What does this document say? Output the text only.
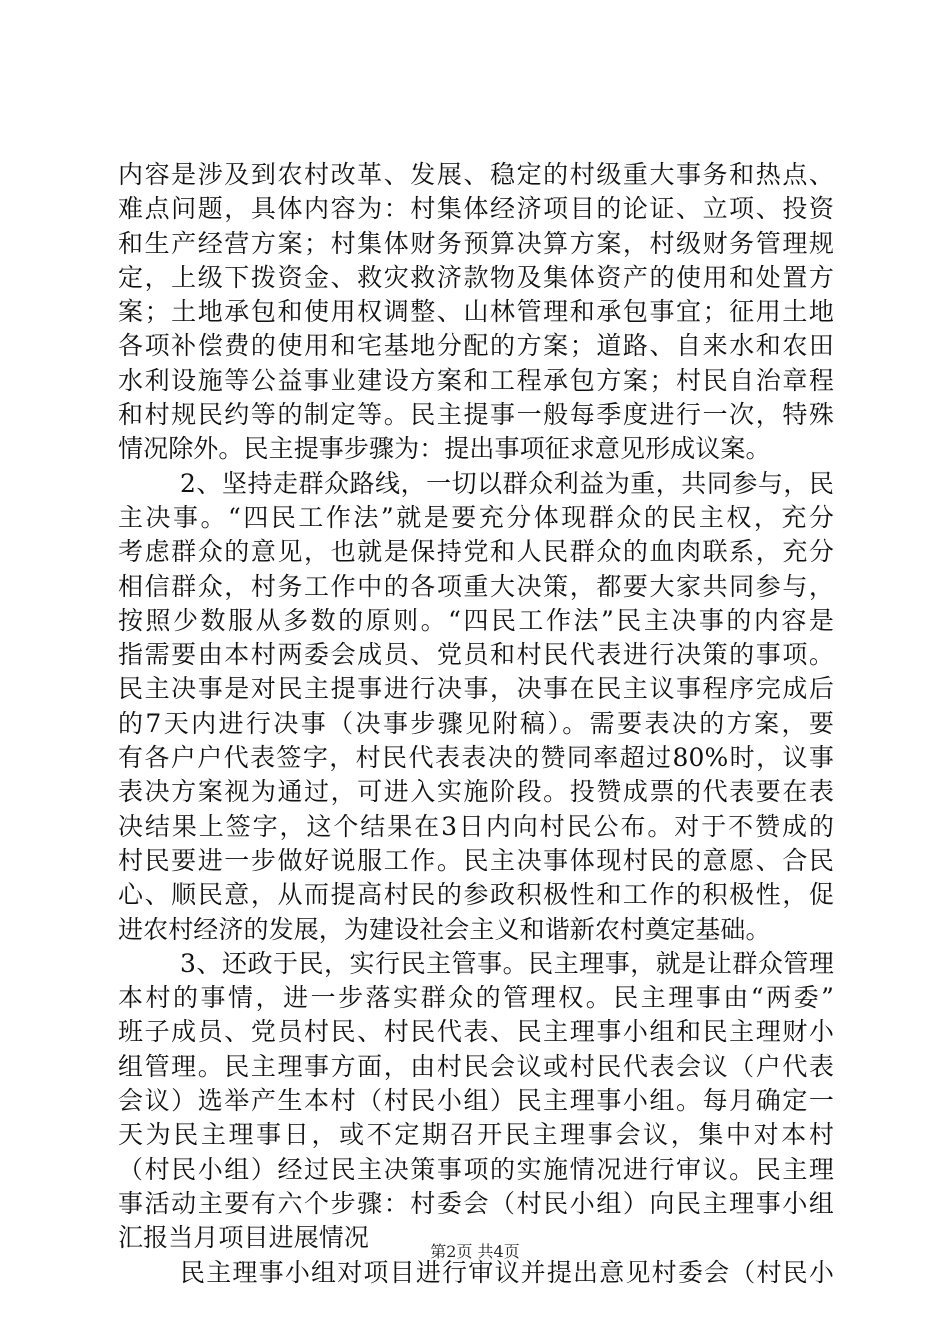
内容是涉及到农村改革、发展、稳定的村级重大事务和热点、
难点问题，具体内容为：村集体经济项目的论证、立项、投资
和生产经营方案；村集体财务预算决算方案，村级财务管理规
定，上级下拨资金、救灾救济款物及集体资产的使用和处置方
案；土地承包和使用权调整、山林管理和承包事宜；征用土地
各项补偿费的使用和宅基地分配的方案；道路、自来水和农田
水利设施等公益事业建设方案和工程承包方案；村民自治章程
和村规民约等的制定等。民主提事一般每季度进行一次，特殊
情况除外。民主提事步骤为：提出事项征求意见形成议案。
2、坚持走群众路线，一切以群众利益为重，共同参与，民
主决事。“四民工作法”就是要充分体现群众的民主权，充分
考虑群众的意见，也就是保持党和人民群众的血肉联系，充分
相信群众，村务工作中的各项重大决策，都要大家共同参与，
按照少数服从多数的原则。“四民工作法”民主决事的内容是
指需要由本村两委会成员、党员和村民代表进行决策的事项。
民主决事是对民主提事进行决事，决事在民主议事程序完成后
的7天内进行决事（决事步骤见附稿）。需要表决的方案，要
有各户户代表签字，村民代表表决的赞同率超过80%时，议事
表决方案视为通过，可进入实施阶段。投赞成票的代表要在表
决结果上签字，这个结果在3日内向村民公布。对于不赞成的
村民要进一步做好说服工作。民主决事体现村民的意愿、合民
心、顺民意，从而提高村民的参政积极性和工作的积极性，促
进农村经济的发展，为建设社会主义和谐新农村奠定基础。
3、还政于民，实行民主管事。民主理事，就是让群众管理
本村的事情，进一步落实群众的管理权。民主理事由“两委”
班子成员、党员村民、村民代表、民主理事小组和民主理财小
组管理。民主理事方面，由村民会议或村民代表会议（户代表
会议）选举产生本村（村民小组）民主理事小组。每月确定一
天为民主理事日，或不定期召开民主理事会议，集中对本村
（村民小组）经过民主决策事项的实施情况进行审议。民主理
事活动主要有六个步骤：村委会（村民小组）向民主理事小组
汇报当月项目进展情况
民主理事小组对项目进行审议并提出意见村委会（村民小
第2页 共4页
